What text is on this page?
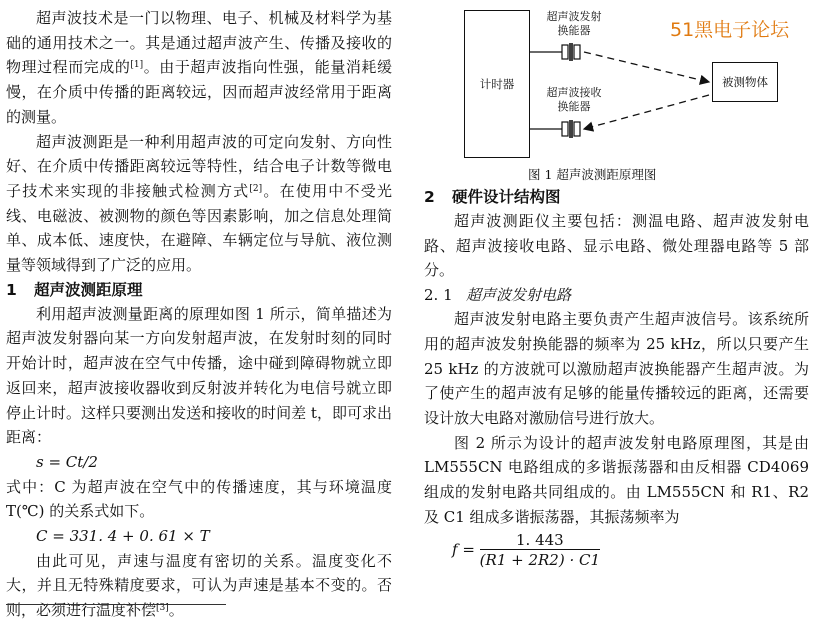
超声波技术是一门以物理、电子、机械及材料学为基础的通用技术之一。其是通过超声波产生、传播及接收的物理过程而完成的[1]。由于超声波指向性强，能量消耗缓慢，在介质中传播的距离较远，因而超声波经常用于距离的测量。

超声波测距是一种利用超声波的可定向发射、方向性好、在介质中传播距离较远等特性，结合电子计数等微电子技术来实现的非接触式检测方式[2]。在使用中不受光线、电磁波、被测物的颜色等因素影响，加之信息处理简单、成本低、速度快，在避障、车辆定位与导航、液位测量等领域得到了广泛的应用。

1 超声波测距原理

利用超声波测量距离的原理如图 1 所示，简单描述为超声波发射器向某一方向发射超声波，在发射时刻的同时开始计时，超声波在空气中传播，途中碰到障碍物就立即返回来，超声波接收器收到反射波并转化为电信号就立即停止计时。这样只要测出发送和接收的时间差 t，即可求出距离：

s = Ct/2

式中：C 为超声波在空气中的传播速度，其与环境温度 T(℃) 的关系式如下。

C = 331. 4 + 0. 61 × T

由此可见，声速与温度有密切的关系。温度变化不大，并且无特殊精度要求，可认为声速是基本不变的。否则，必须进行温度补偿[3]。

计时器	被测物体
超声波发射
换能器
超声波接收
换能器
51黑电子论坛
图 1 超声波测距原理图
2 硬件设计结构图

超声波测距仪主要包括：测温电路、超声波发射电路、超声波接收电路、显示电路、微处理器电路等 5 部分。

2. 1 超声波发射电路

超声波发射电路主要负责产生超声波信号。该系统所用的超声波发射换能器的频率为 25 kHz，所以只要产生 25 kHz 的方波就可以激励超声波换能器产生超声波。为了使产生的超声波有足够的能量传播较远的距离，还需要设计放大电路对激励信号进行放大。

图 2 所示为设计的超声波发射电路原理图，其是由 LM555CN 电路组成的多谐振荡器和由反相器 CD4069 组成的发射电路共同组成的。由 LM555CN 和 R1、R2 及 C1 组成多谐振荡器，其振荡频率为

$f = \frac{1. 443}{(R1 + 2R2) \cdot C1}$
